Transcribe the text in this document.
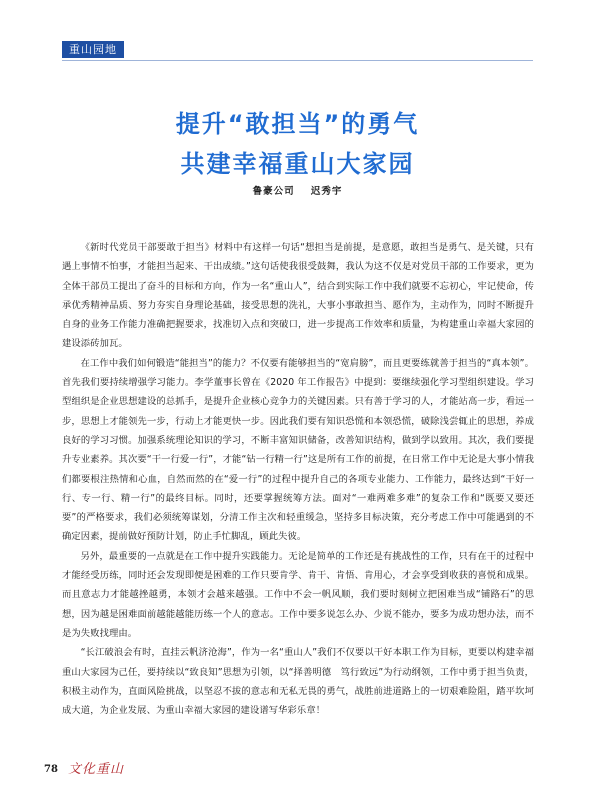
重山园地
提升“敢担当”的勇气
共建幸福重山大家园
鲁豪公司 迟秀宇

《新时代党员干部要敢于担当》材料中有这样一句话“想担当是前提，是意愿，敢担当是勇气、是关键，只有遇上事情不怕事，才能担当起来、干出成绩。”这句话使我很受鼓舞，我认为这不仅是对党员干部的工作要求，更为全体干部员工提出了奋斗的目标和方向，作为一名“重山人”，结合到实际工作中我们就要不忘初心，牢记使命，传承优秀精神品质、努力夯实自身理论基础，接受思想的洗礼，大事小事敢担当、愿作为，主动作为，同时不断提升自身的业务工作能力准确把握要求，找准切入点和突破口，进一步提高工作效率和质量，为构建重山幸福大家园的建设添砖加瓦。

在工作中我们如何锻造“能担当”的能力？不仅要有能够担当的“宽肩膀”，而且更要练就善于担当的“真本领”。首先我们要持续增强学习能力。李学董事长曾在《2020 年工作报告》中提到：要继续强化学习型组织建设。学习型组织是企业思想建设的总抓手，是提升企业核心竞争力的关键因素。只有善于学习的人，才能站高一步，看远一步，思想上才能领先一步，行动上才能更快一步。因此我们要有知识恐慌和本领恐慌，破除浅尝辄止的思想，养成良好的学习习惯。加强系统理论知识的学习，不断丰富知识储备，改善知识结构，做到学以致用。其次，我们要提升专业素养。其次要“干一行爱一行”，才能“钻一行精一行”这是所有工作的前提，在日常工作中无论是大事小情我们都要根注热情和心血，自然而然的在“爱一行”的过程中提升自己的各项专业能力、工作能力，最终达到“干好一行、专一行、精一行”的最终目标。同时，还要掌握统筹方法。面对“一难两难多难”的复杂工作和“既要又要还要”的严格要求，我们必须统筹谋划，分清工作主次和轻重缓急，坚持多目标决策，充分考虑工作中可能遇到的不确定因素，提前做好预防计划，防止手忙脚乱，顾此失彼。

另外，最重要的一点就是在工作中提升实践能力。无论是简单的工作还是有挑战性的工作，只有在干的过程中才能经受历练，同时还会发现即便是困难的工作只要肯学、肯干、肯悟、肯用心，才会享受到收获的喜悦和成果。而且意志力才能越挫越勇，本领才会越来越强。工作中不会一帆风顺，我们要时刻树立把困难当成“铺路石”的思想，因为越是困难面前越能越能历练一个人的意志。工作中要多说怎么办、少说不能办，要多为成功想办法，而不是为失败找理由。

“长江破浪会有时，直挂云帆济沧海”，作为一名“重山人”我们不仅要以干好本职工作为目标，更要以构建幸福重山大家园为己任，要持续以“致良知”思想为引领，以“择善明德　笃行致远”为行动纲领，工作中勇于担当负责，积极主动作为，直面风险挑战，以坚忍不拔的意志和无私无畏的勇气，战胜前进道路上的一切艰难险阻，踏平坎坷成大道，为企业发展、为重山幸福大家园的建设谱写华彩乐章！

78 文化重山
